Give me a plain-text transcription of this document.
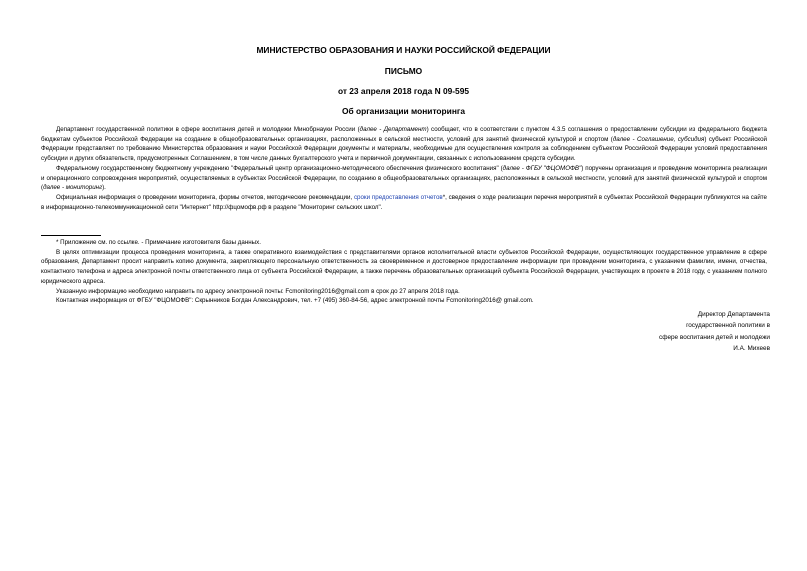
МИНИСТЕРСТВО ОБРАЗОВАНИЯ И НАУКИ РОССИЙСКОЙ ФЕДЕРАЦИИ
ПИСЬМО
от 23 апреля 2018 года N 09-595
Об организации мониторинга

Департамент государственной политики в сфере воспитания детей и молодежи Минобрнауки России (далее - Департамент) сообщает, что в соответствии с пунктом 4.3.5 соглашения о предоставлении субсидии из федерального бюджета бюджетам субъектов Российской Федерации на создание в общеобразовательных организациях, расположенных в сельской местности, условий для занятий физической культурой и спортом (далее - Соглашение, субсидия) субъект Российской Федерации представляет по требованию Министерства образования и науки Российской Федерации документы и материалы, необходимые для осуществления контроля за соблюдением субъектом Российской Федерации условий предоставления субсидии и других обязательств, предусмотренных Соглашением, в том числе данных бухгалтерского учета и первичной документации, связанных с использованием средств субсидии.

Федеральному государственному бюджетному учреждению "Федеральный центр организационно-методического обеспечения физического воспитания" (далее - ФГБУ "ФЦОМОФВ") поручены организация и проведение мониторинга реализации и операционного сопровождения мероприятий, осуществляемых в субъектах Российской Федерации, по созданию в общеобразовательных организациях, расположенных в сельской местности, условий для занятий физической культурой и спортом (далее - мониторинг).

Официальная информация о проведении мониторинга, формы отчетов, методические рекомендации, сроки предоставления отчетов*, сведения о ходе реализации перечня мероприятий в субъектах Российской Федерации публикуются на сайте в информационно-телекоммуникационной сети "Интернет" http://фцомофв.рф в разделе "Мониторинг сельских школ".

* Приложение см. по ссылке. - Примечание изготовителя базы данных.

В целях оптимизации процесса проведения мониторинга, а также оперативного взаимодействия с представителями органов исполнительной власти субъектов Российской Федерации, осуществляющих государственное управление в сфере образования, Департамент просит направить копию документа, закрепляющего персональную ответственность за своевременное и достоверное предоставление информации при проведении мониторинга, с указанием фамилии, имени, отчества, контактного телефона и адреса электронной почты ответственного лица от субъекта Российской Федерации, а также перечень образовательных организаций субъекта Российской Федерации, участвующих в проекте в 2018 году, с указанием полного юридического адреса.

Указанную информацию необходимо направить по адресу электронной почты: Fcmonitoring2016@gmail.com в срок до 27 апреля 2018 года.

Контактная информация от ФГБУ "ФЦОМОФВ": Скрынников Богдан Александрович, тел. +7 (495) 360-84-56, адрес электронной почты Fcmonitoring2016@ gmail.com.

Директор Департамента
государственной политики в
сфере воспитания детей и молодежи
И.А. Михеев
